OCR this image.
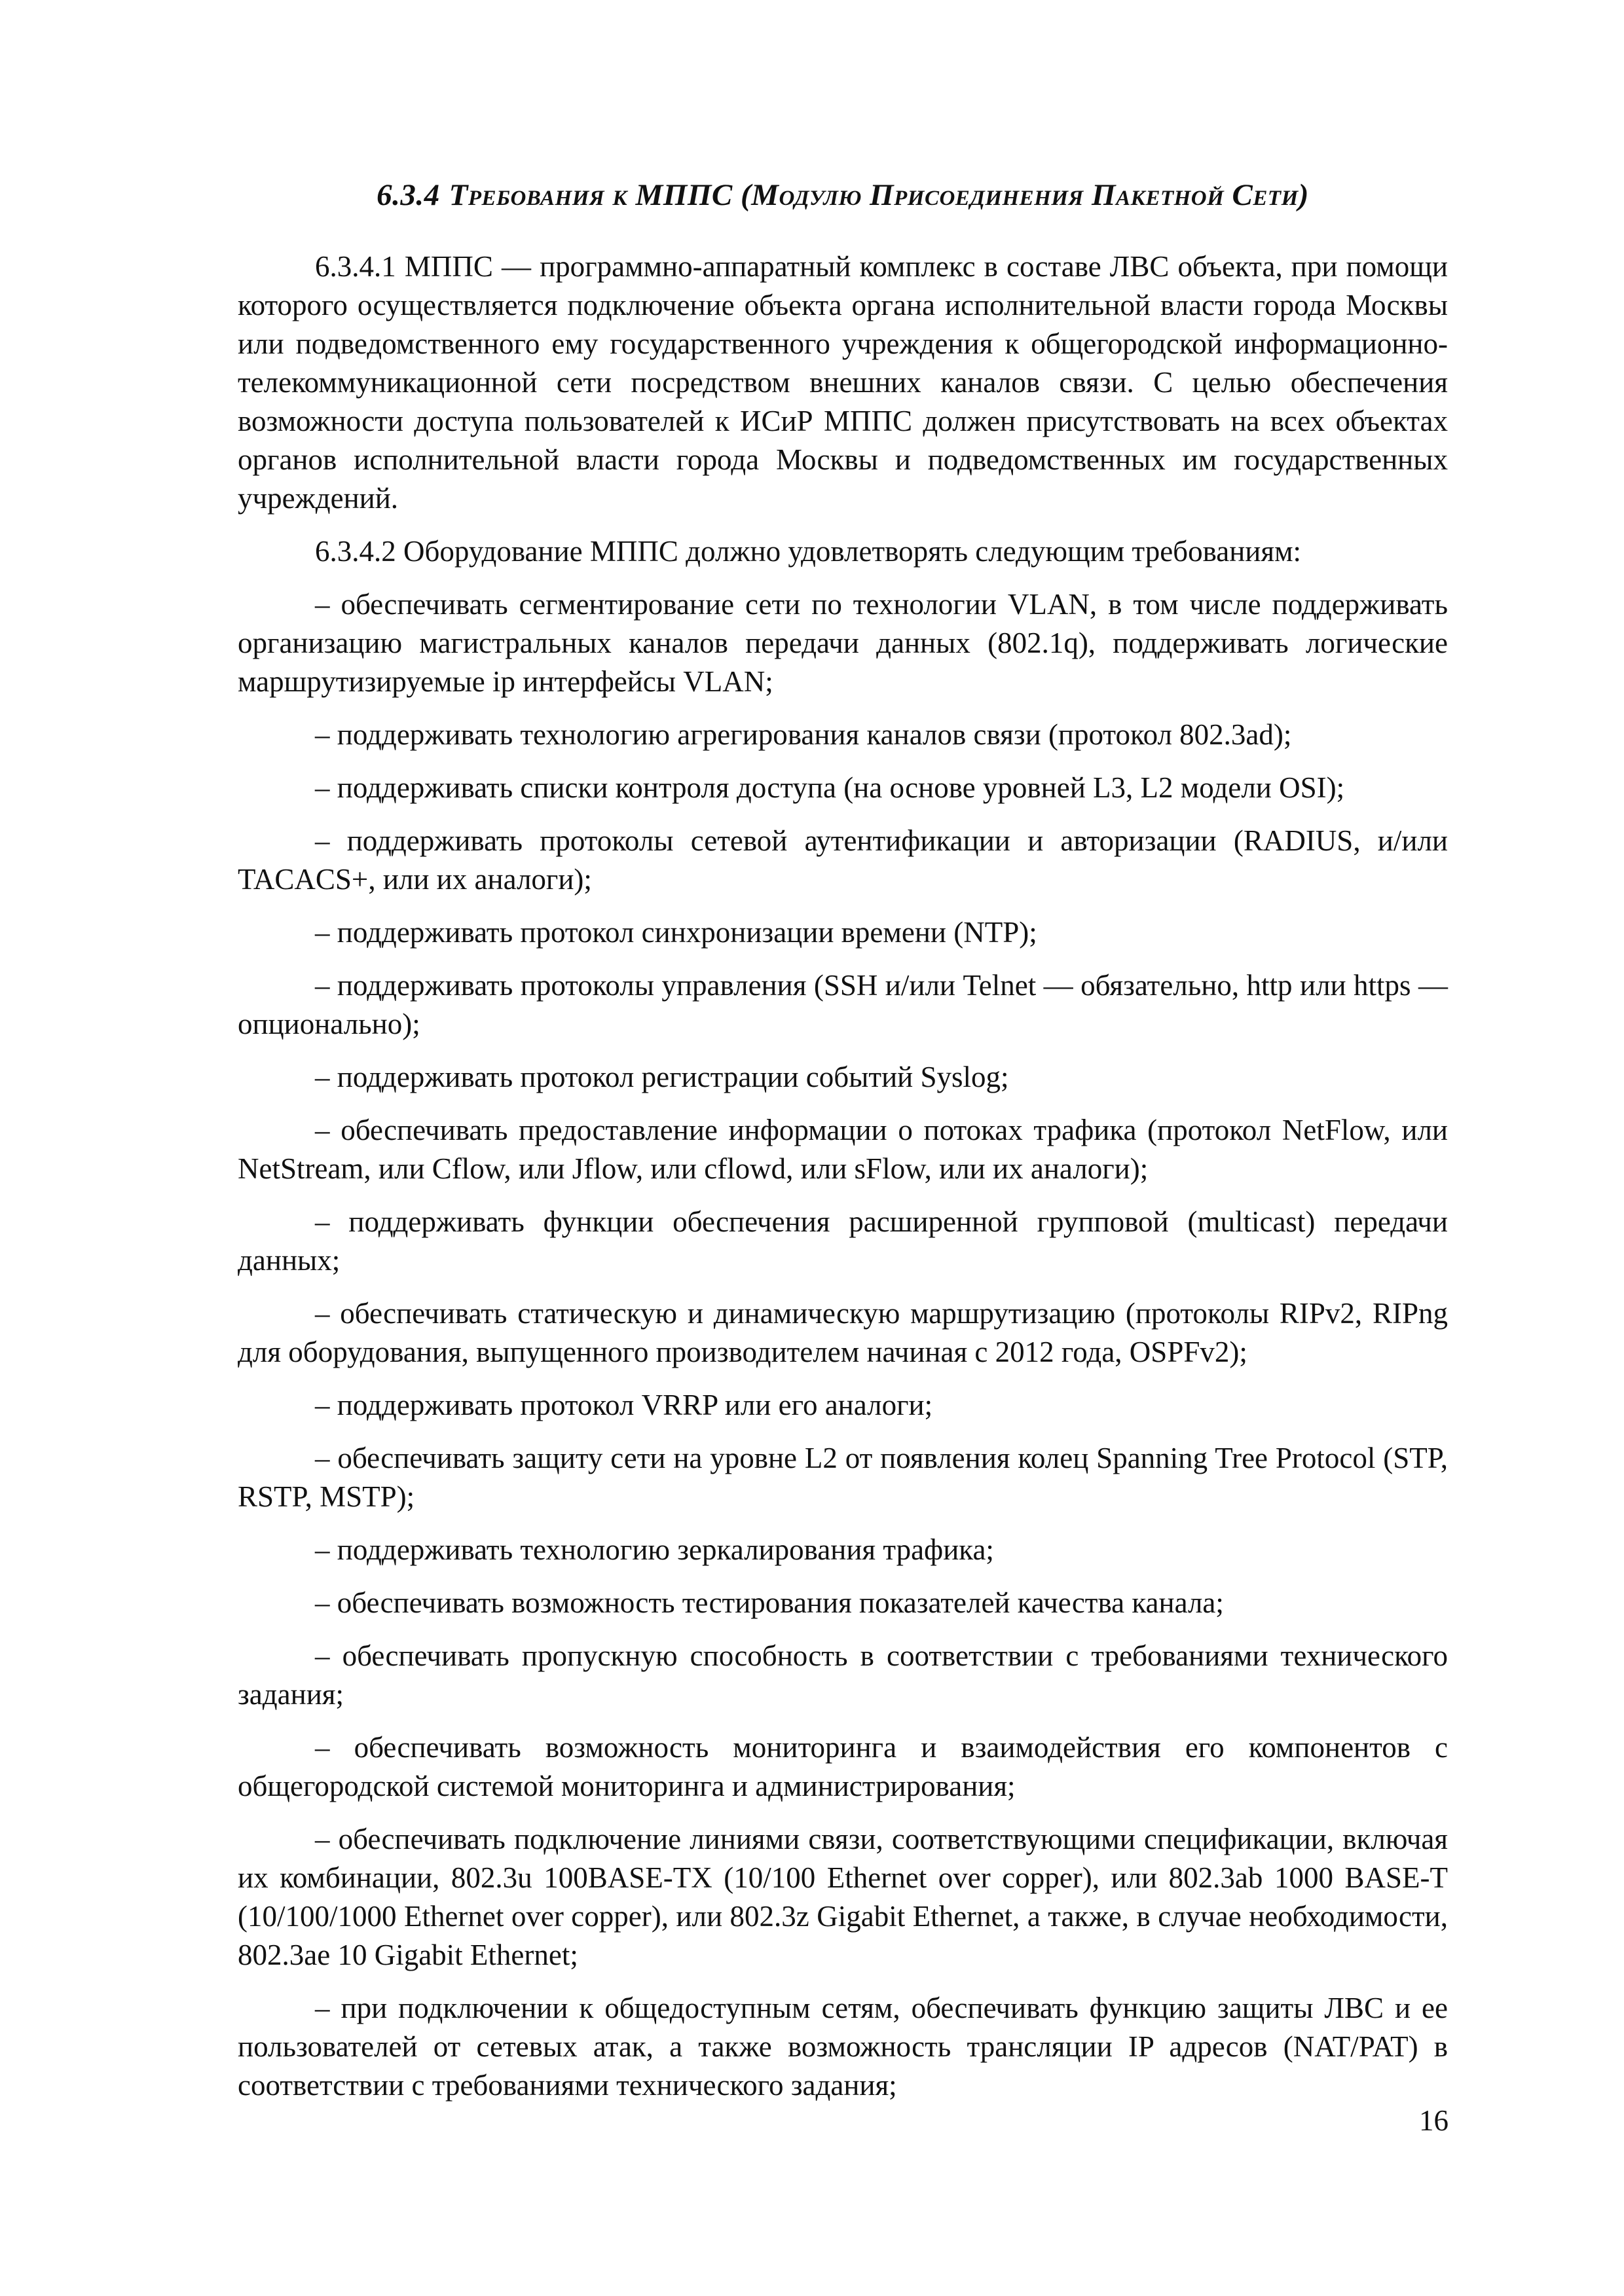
6.3.4 Требования к МППС (Модулю Присоединения Пакетной Сети)

6.3.4.1 МППС — программно-аппаратный комплекс в составе ЛВС объекта, при помощи которого осуществляется подключение объекта органа исполнительной власти города Москвы или подведомственного ему государственного учреждения к общегородской информационно-телекоммуникационной сети посредством внешних каналов связи. С целью обеспечения возможности доступа пользователей к ИСиР МППС должен присутствовать на всех объектах органов исполнительной власти города Москвы и подведомственных им государственных учреждений.

6.3.4.2 Оборудование МППС должно удовлетворять следующим требованиям:

– обеспечивать сегментирование сети по технологии VLAN, в том числе поддерживать организацию магистральных каналов передачи данных (802.1q), поддерживать логические маршрутизируемые ip интерфейсы VLAN;

– поддерживать технологию агрегирования каналов связи (протокол 802.3ad);

– поддерживать списки контроля доступа (на основе уровней L3, L2 модели OSI);

– поддерживать протоколы сетевой аутентификации и авторизации (RADIUS, и/или TACACS+, или их аналоги);

– поддерживать протокол синхронизации времени (NTP);

– поддерживать протоколы управления (SSH и/или Telnet — обязательно, http или https — опционально);

– поддерживать протокол регистрации событий Syslog;

– обеспечивать предоставление информации о потоках трафика (протокол NetFlow, или NetStream, или Cflow, или Jflow, или cflowd, или sFlow, или их аналоги);

– поддерживать функции обеспечения расширенной групповой (multicast) передачи данных;

– обеспечивать статическую и динамическую маршрутизацию (протоколы RIPv2, RIPng для оборудования, выпущенного производителем начиная с 2012 года, OSPFv2);

– поддерживать протокол VRRP или его аналоги;

– обеспечивать защиту сети на уровне L2 от появления колец Spanning Tree Protocol (STP, RSTP, MSTP);

– поддерживать технологию зеркалирования трафика;

– обеспечивать возможность тестирования показателей качества канала;

– обеспечивать пропускную способность в соответствии с требованиями технического задания;

– обеспечивать возможность мониторинга и взаимодействия его компонентов с общегородской системой мониторинга и администрирования;

– обеспечивать подключение линиями связи, соответствующими спецификации, включая их комбинации, 802.3u 100BASE-TX (10/100 Ethernet over copper), или 802.3ab 1000 BASE-T (10/100/1000 Ethernet over copper), или 802.3z Gigabit Ethernet, а также, в случае необходимости, 802.3ae 10 Gigabit Ethernet;

– при подключении к общедоступным сетям, обеспечивать функцию защиты ЛВС и ее пользователей от сетевых атак, а также возможность трансляции IP адресов (NAT/PAT) в соответствии с требованиями технического задания;

16
